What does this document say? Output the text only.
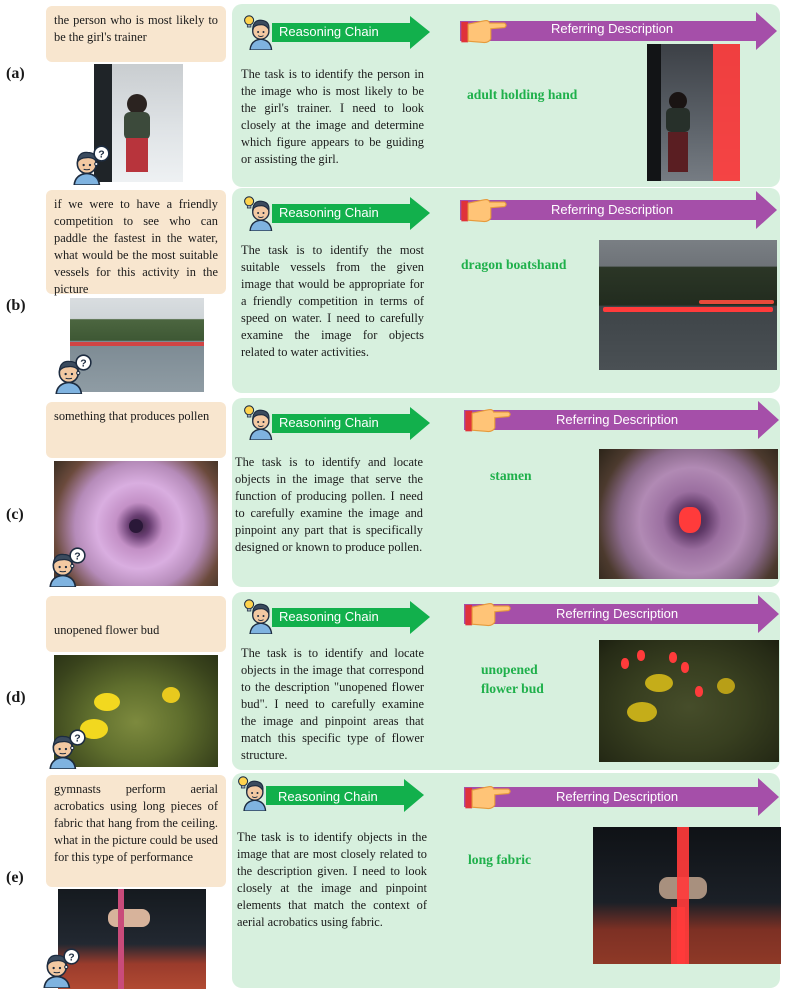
(a)
the person who is most likely to be the girl's trainer	Reasoning Chain	Referring Description
The task is to identify the person in the image who is most likely to be the girl's trainer. I need to look closely at the image and determine which figure appears to be guiding or assisting the girl.
adult holding hand
(b)
if we were to have a friendly competition to see who can paddle the fastest in the water, what would be the most suitable vessels for this activity in the picture
Reasoning Chain	Referring Description
The task is to identify the most suitable vessels from the given image that would be appropriate for a friendly competition in terms of speed on water. I need to carefully examine the image for objects related to water activities.
dragon boatshand
(c)
something that produces pollen	Reasoning Chain	Referring Description
The task is to identify and locate objects in the image that serve the function of producing pollen. I need to carefully examine the image and pinpoint any part that is specifically designed or known to produce pollen.
stamen
(d)
unopened flower bud
Reasoning Chain	Referring Description
The task is to identify and locate objects in the image that correspond to the description "unopened flower bud". I need to carefully examine the image and pinpoint areas that match this specific type of flower structure.
unopened flower bud
(e)
gymnasts perform aerial acrobatics using long pieces of fabric that hang from the ceiling. what in the picture could be used for this type of performance
Reasoning Chain	Referring Description
The task is to identify objects in the image that are most closely related to the description given. I need to look closely at the image and pinpoint elements that match the context of aerial acrobatics using fabric.
long fabric
